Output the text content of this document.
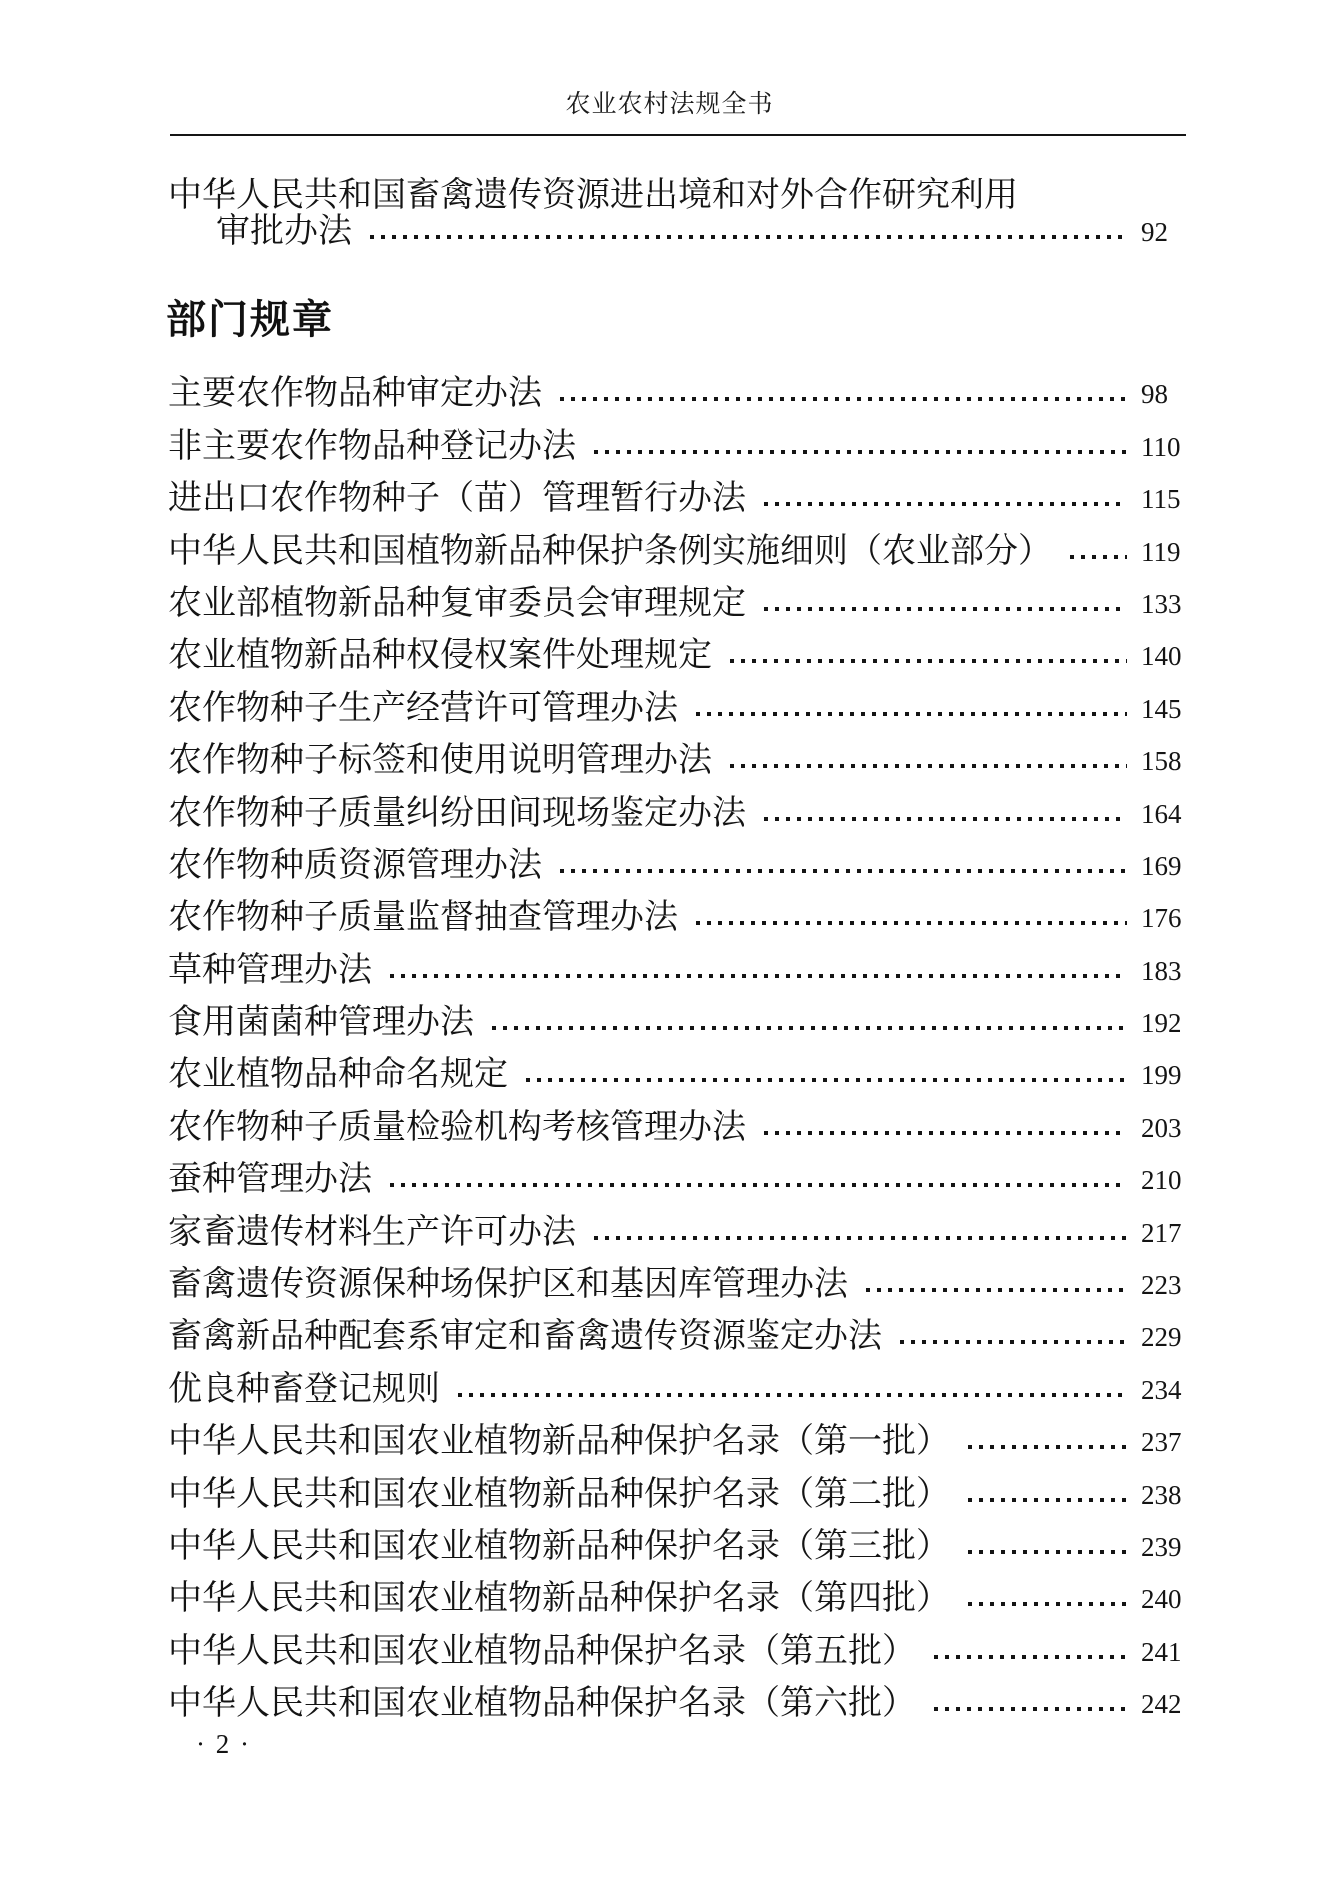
农业农村法规全书
中华人民共和国畜禽遗传资源进出境和对外合作研究利用
审批办法	92
部门规章
主要农作物品种审定办法	98
非主要农作物品种登记办法	110
进出口农作物种子（苗）管理暂行办法	115
中华人民共和国植物新品种保护条例实施细则（农业部分）	119
农业部植物新品种复审委员会审理规定	133
农业植物新品种权侵权案件处理规定	140
农作物种子生产经营许可管理办法	145
农作物种子标签和使用说明管理办法	158
农作物种子质量纠纷田间现场鉴定办法	164
农作物种质资源管理办法	169
农作物种子质量监督抽查管理办法	176
草种管理办法	183
食用菌菌种管理办法	192
农业植物品种命名规定	199
农作物种子质量检验机构考核管理办法	203
蚕种管理办法	210
家畜遗传材料生产许可办法	217
畜禽遗传资源保种场保护区和基因库管理办法	223
畜禽新品种配套系审定和畜禽遗传资源鉴定办法	229
优良种畜登记规则	234
中华人民共和国农业植物新品种保护名录（第一批）	237
中华人民共和国农业植物新品种保护名录（第二批）	238
中华人民共和国农业植物新品种保护名录（第三批）	239
中华人民共和国农业植物新品种保护名录（第四批）	240
中华人民共和国农业植物品种保护名录（第五批）	241
中华人民共和国农业植物品种保护名录（第六批）	242
· 2 ·
